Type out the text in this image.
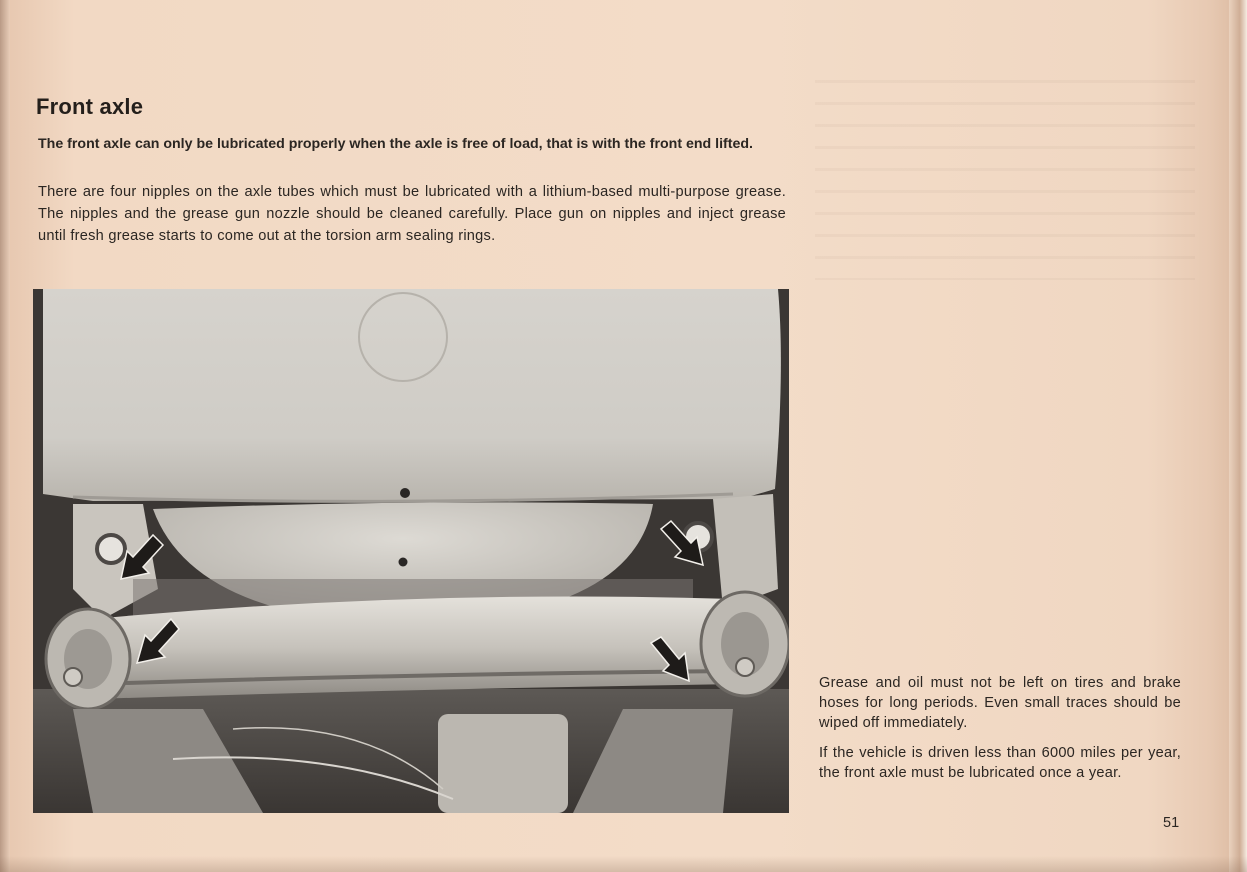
Front axle

The front axle can only be lubricated properly when the axle is free of load, that is with the front end lifted.

There are four nipples on the axle tubes which must be lubricated with a lithium-based multi-purpose grease. The nipples and the grease gun nozzle should be cleaned carefully. Place gun on nipples and inject grease until fresh grease starts to come out at the torsion arm sealing rings.

Grease and oil must not be left on tires and brake hoses for long periods. Even small traces should be wiped off immediately.

If the vehicle is driven less than 6000 miles per year, the front axle must be lubricated once a year.

51
